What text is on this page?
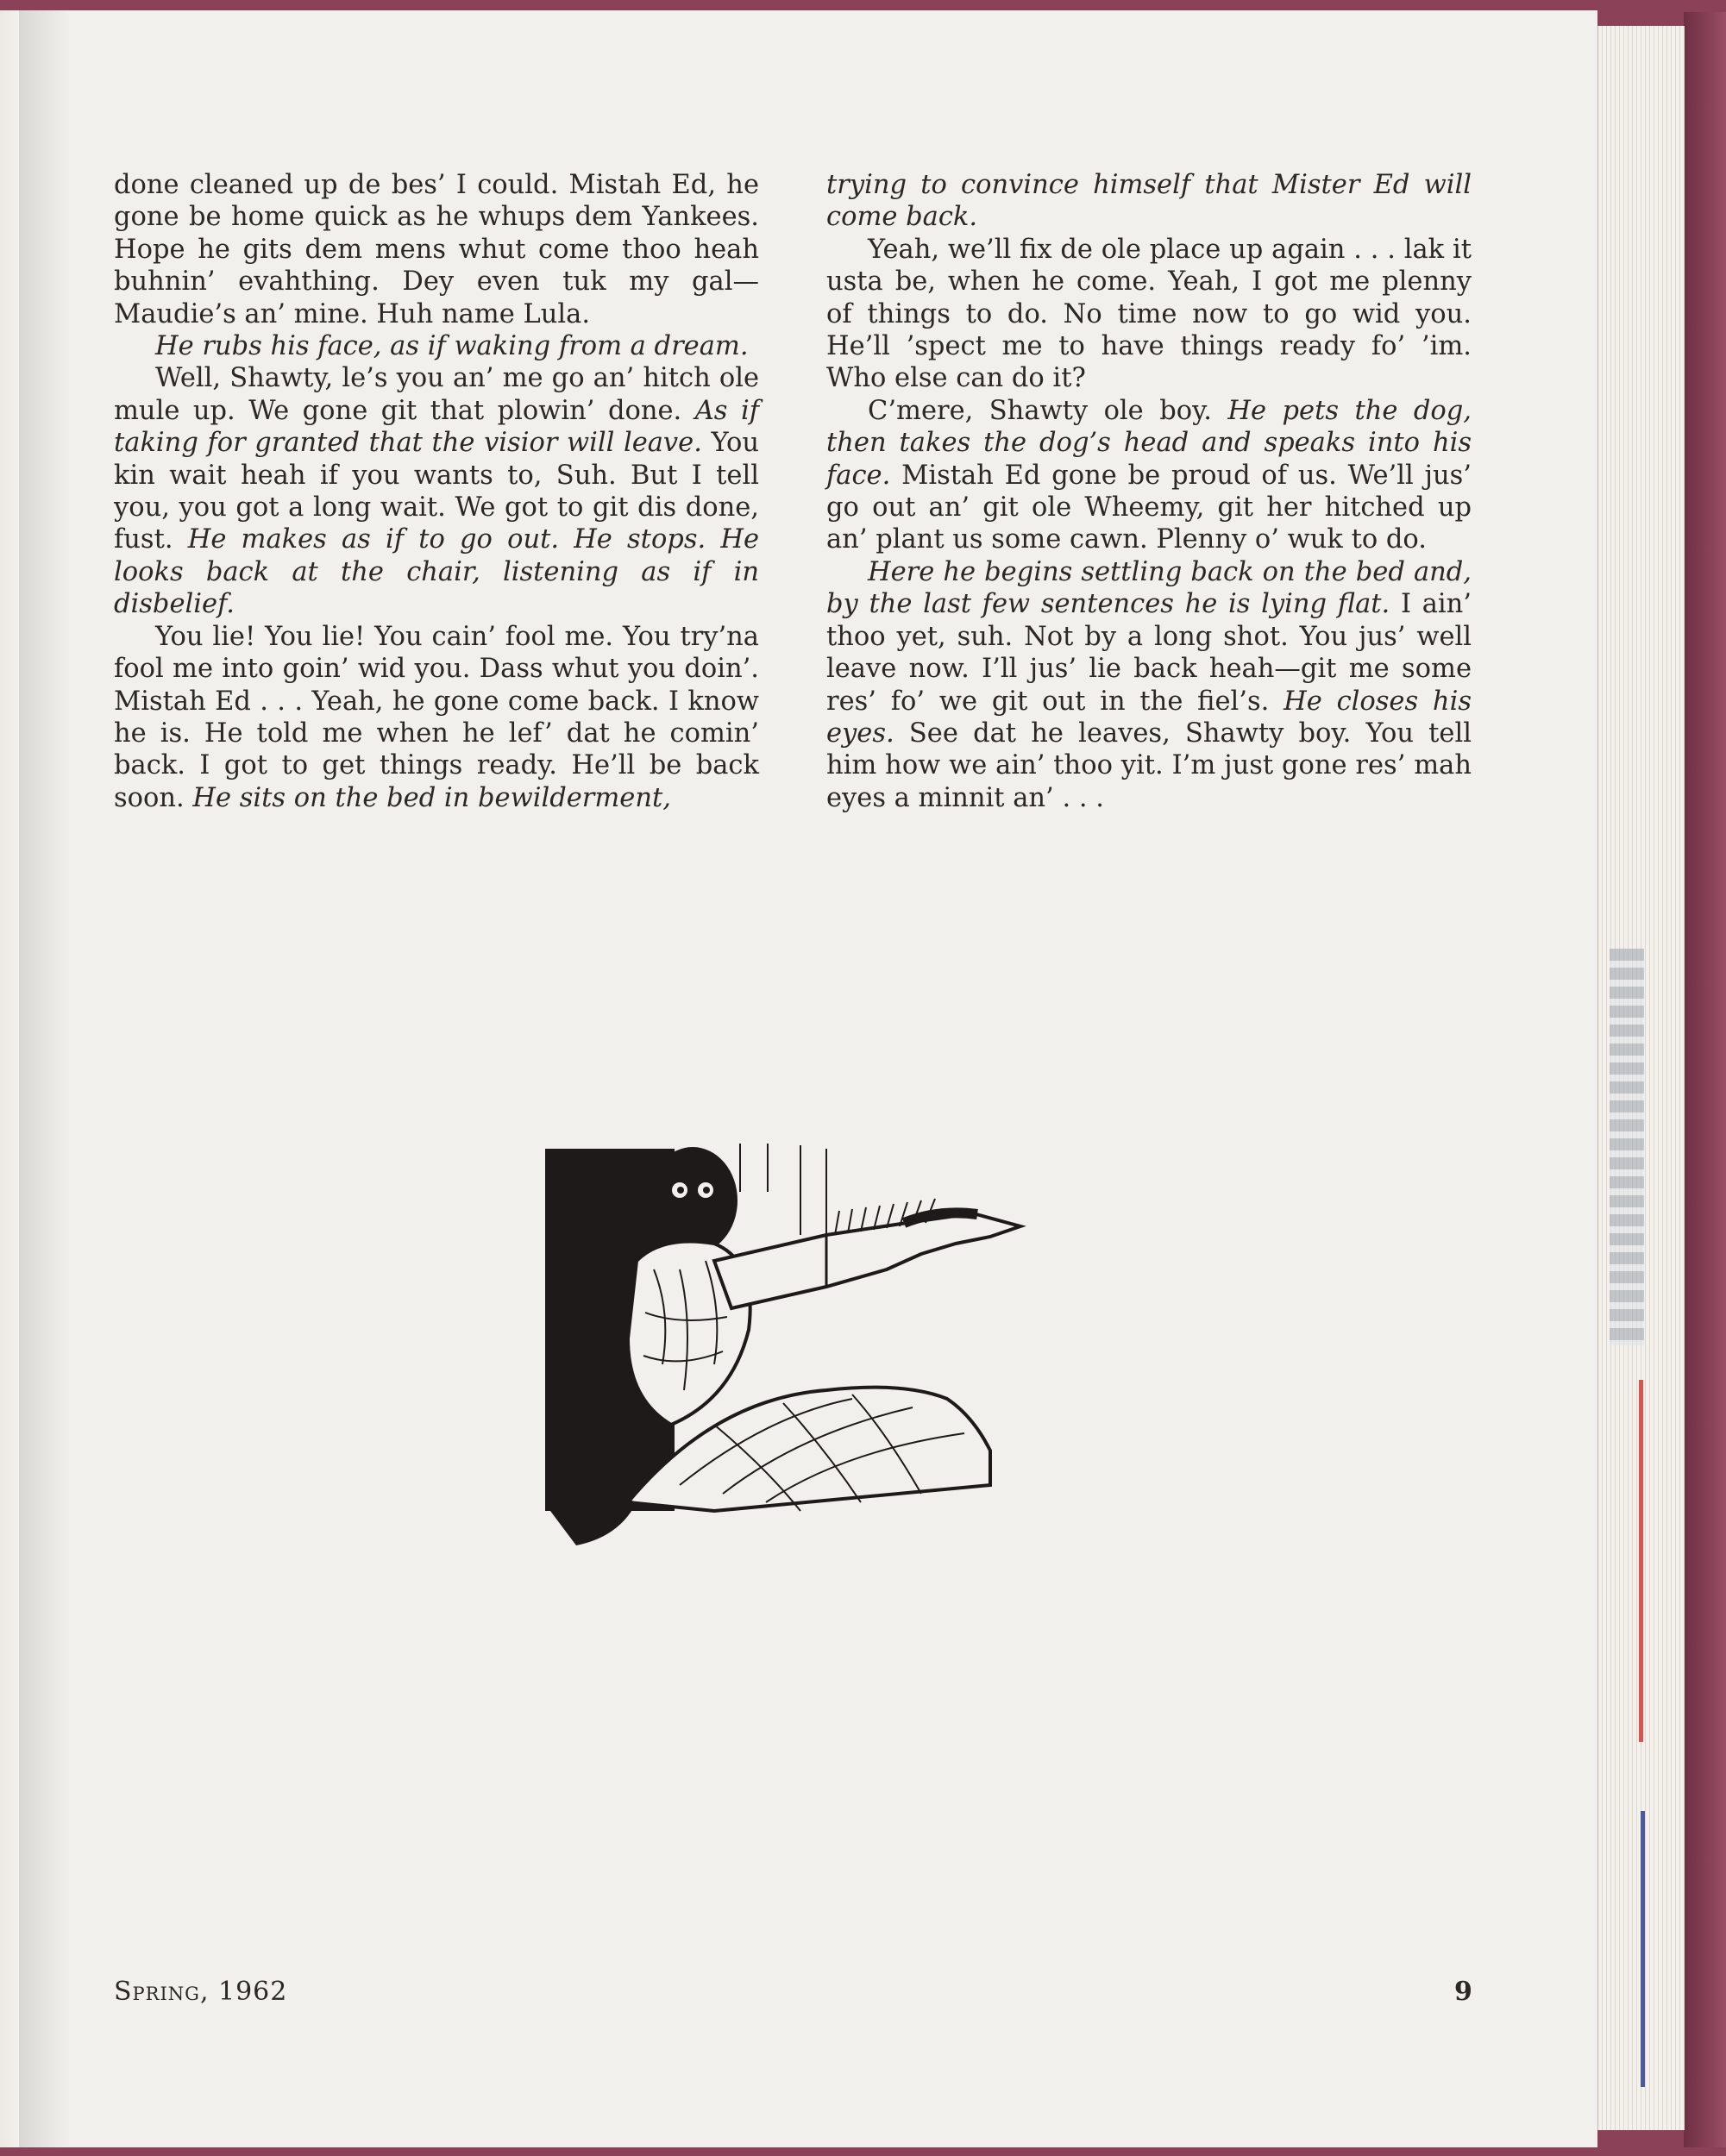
done cleaned up de bes’ I could. Mistah Ed, he gone be home quick as he whups dem Yankees. Hope he gits dem mens whut come thoo heah buhnin’ evahthing. Dey even tuk my gal—Maudie’s an’ mine. Huh name Lula.

He rubs his face, as if waking from a dream.

Well, Shawty, le’s you an’ me go an’ hitch ole mule up. We gone git that plowin’ done. As if taking for granted that the visior will leave. You kin wait heah if you wants to, Suh. But I tell you, you got a long wait. We got to git dis done, fust. He makes as if to go out. He stops. He looks back at the chair, listening as if in disbelief.

You lie! You lie! You cain’ fool me. You try’na fool me into goin’ wid you. Dass whut you doin’. Mistah Ed . . . Yeah, he gone come back. I know he is. He told me when he lef’ dat he comin’ back. I got to get things ready. He’ll be back soon. He sits on the bed in bewilderment,

trying to convince himself that Mister Ed will come back.

Yeah, we’ll fix de ole place up again . . . lak it usta be, when he come. Yeah, I got me plenny of things to do. No time now to go wid you. He’ll ’spect me to have things ready fo’ ’im. Who else can do it?

C’mere, Shawty ole boy. He pets the dog, then takes the dog’s head and speaks into his face. Mistah Ed gone be proud of us. We’ll jus’ go out an’ git ole Wheemy, git her hitched up an’ plant us some cawn. Plenny o’ wuk to do.

Here he begins settling back on the bed and, by the last few sentences he is lying flat. I ain’ thoo yet, suh. Not by a long shot. You jus’ well leave now. I’ll jus’ lie back heah—git me some res’ fo’ we git out in the fiel’s. He closes his eyes. See dat he leaves, Shawty boy. You tell him how we ain’ thoo yit. I’m just gone res’ mah eyes a minnit an’ . . .

Spring, 1962	9
